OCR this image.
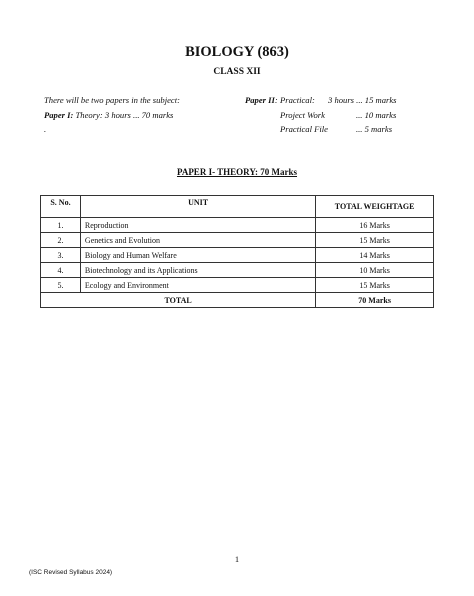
BIOLOGY (863)
CLASS XII
There will be two papers in the subject:
Paper I: Theory: 3 hours ... 70 marks
.
Paper II: Practical: 3 hours ... 15 marks
Project Work	... 10 marks
Practical File	... 5 marks
PAPER I- THEORY: 70 Marks
S. No.	UNIT	TOTAL WEIGHTAGE
1.	Reproduction	16 Marks
2.	Genetics and Evolution	15 Marks
3.	Biology and Human Welfare	14 Marks
4.	Biotechnology and its Applications	10 Marks
5.	Ecology and Environment	15 Marks
TOTAL		70 Marks
1
(ISC Revised Syllabus 2024)
